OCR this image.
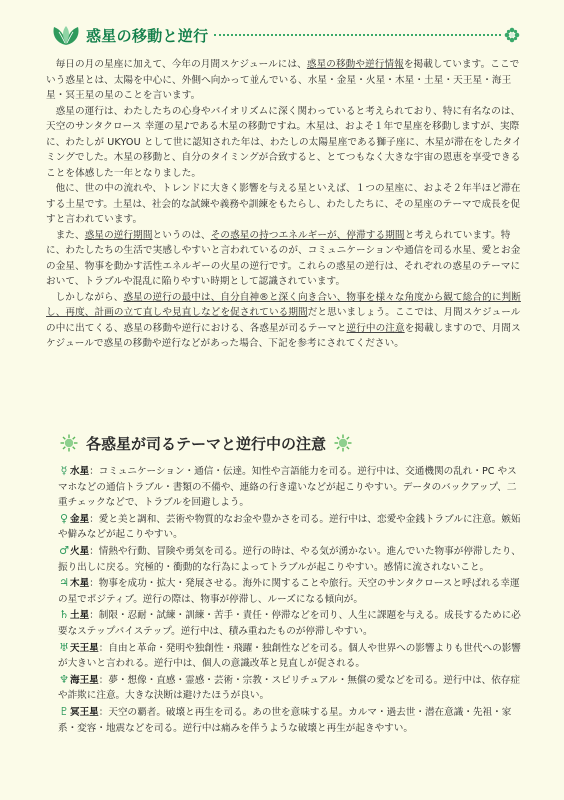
惑星の移動と逆行

毎日の月の星座に加えて、今年の月間スケジュールには、惑星の移動や逆行情報を掲載しています。ここでいう惑星とは、太陽を中心に、外側へ向かって並んでいる、水星・金星・火星・木星・土星・天王星・海王星・冥王星の星のことを言います。

惑星の運行は、わたしたちの心身やバイオリズムに深く関わっていると考えられており、特に有名なのは、天空のサンタクロース 幸運の星♪である木星の移動ですね。木星は、およそ１年で星座を移動しますが、実際に、わたしが UKYOU として世に認知された年は、わたしの太陽星座である獅子座に、木星が滞在をしたタイミングでした。木星の移動と、自分のタイミングが合致すると、とてつもなく大きな宇宙の恩恵を享受できることを体感した一年となりました。

他に、世の中の流れや、トレンドに大きく影響を与える星といえば、１つの星座に、およそ２年半ほど滞在する土星です。土星は、社会的な試練や義務や訓練をもたらし、わたしたちに、その星座のテーマで成長を促すと言われています。

また、惑星の逆行期間というのは、その惑星の持つエネルギーが、停滞する期間と考えられています。特に、わたしたちの生活で実感しやすいと言われているのが、コミュニケーションや通信を司る水星、愛とお金の金星、物事を動かす活性エネルギーの火星の逆行です。これらの惑星の逆行は、それぞれの惑星のテーマにおいて、トラブルや混乱に陥りやすい時期として認識されています。

しかしながら、惑星の逆行の最中は、自分自神®と深く向き合い、物事を様々な角度から観て総合的に判断し、再度、計画の立て直しや見直しなどを促されている期間だと思いましょう。ここでは、月間スケジュールの中に出てくる、惑星の移動や逆行における、各惑星が司るテーマと逆行中の注意を掲載しますので、月間スケジュールで惑星の移動や逆行などがあった場合、下記を参考にされてください。

各惑星が司るテーマと逆行中の注意

☿ 水星：コミュニケーション・通信・伝達。知性や言語能力を司る。逆行中は、交通機関の乱れ・PC やスマホなどの通信トラブル・書類の不備や、連絡の行き違いなどが起こりやすい。データのバックアップ、二重チェックなどで、トラブルを回避しよう。

♀ 金星：愛と美と調和、芸術や物質的なお金や豊かさを司る。逆行中は、恋愛や金銭トラブルに注意。嫉妬や僻みなどが起こりやすい。

♂火星：情熱や行動、冒険や勇気を司る。逆行の時は、やる気が湧かない。進んでいた物事が停滞したり、振り出しに戻る。究極的・衝動的な行為によってトラブルが起こりやすい。感情に流されないこと。

♃木星：物事を成功・拡大・発展させる。海外に関することや旅行。天空のサンタクロースと呼ばれる幸運の星でポジティブ。逆行の際は、物事が停滞し、ルーズになる傾向が。

♄土星：制限・忍耐・試練・訓練・苦手・責任・停滞などを司り、人生に課題を与える。成長するために必要なステップバイステップ。逆行中は、積み重ねたものが停滞しやすい。

♅天王星：自由と革命・発明や独創性・飛躍・独創性などを司る。個人や世界への影響よりも世代への影響が大きいと言われる。逆行中は、個人の意識改革と見直しが促される。

♆海王星：夢・想像・直感・霊感・芸術・宗教・スピリチュアル・無償の愛などを司る。逆行中は、依存症や詐欺に注意。大きな決断は避けたほうが良い。

♇冥王星：天空の覇者。破壊と再生を司る。あの世を意味する星。カルマ・過去世・潜在意識・先祖・家系・変容・地震などを司る。逆行中は痛みを伴うような破壊と再生が起きやすい。
